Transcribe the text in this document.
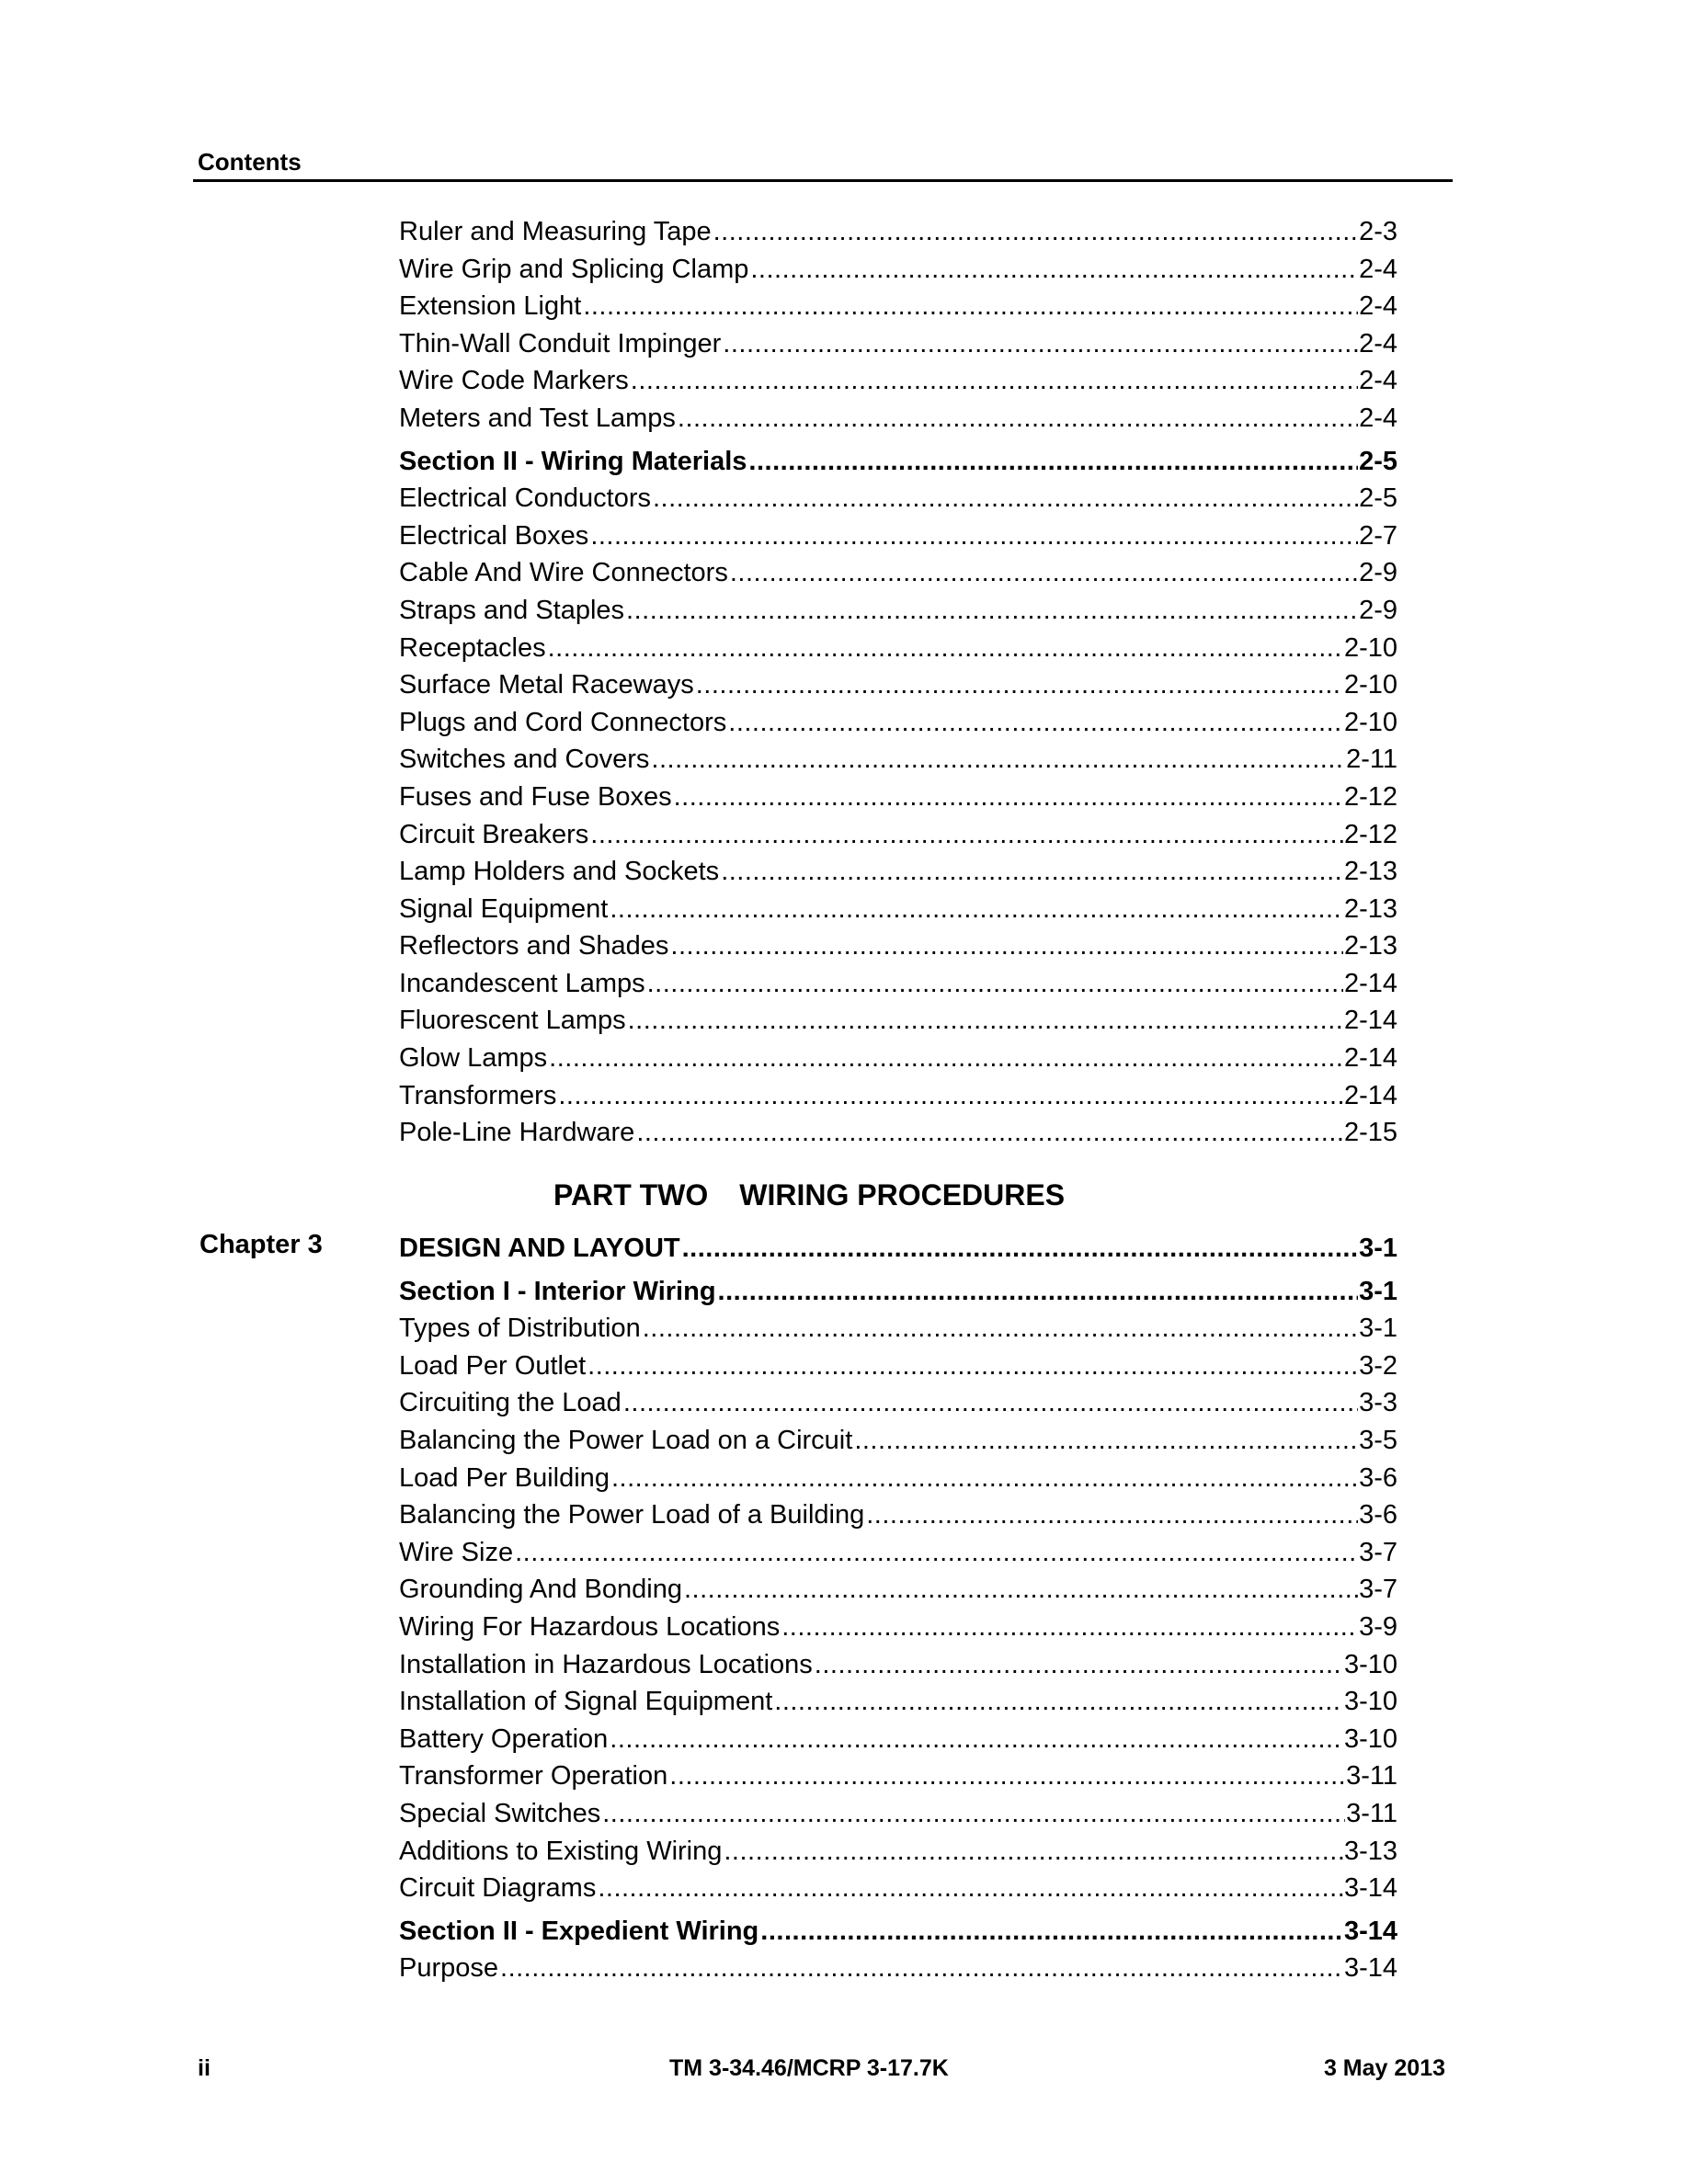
Contents
Ruler and Measuring Tape .....	2-3
Wire Grip and Splicing Clamp .....	2-4
Extension Light .....	2-4
Thin-Wall Conduit Impinger .....	2-4
Wire Code Markers .....	2-4
Meters and Test Lamps .....	2-4
Section II - Wiring Materials .....	2-5
Electrical Conductors .....	2-5
Electrical Boxes .....	2-7
Cable And Wire Connectors .....	2-9
Straps and Staples .....	2-9
Receptacles .....	2-10
Surface Metal Raceways .....	2-10
Plugs and Cord Connectors .....	2-10
Switches and Covers .....	2-11
Fuses and Fuse Boxes .....	2-12
Circuit Breakers .....	2-12
Lamp Holders and Sockets .....	2-13
Signal Equipment .....	2-13
Reflectors and Shades .....	2-13
Incandescent Lamps .....	2-14
Fluorescent Lamps .....	2-14
Glow Lamps .....	2-14
Transformers .....	2-14
Pole-Line Hardware .....	2-15
PART TWO WIRING PROCEDURES
Chapter 3	DESIGN AND LAYOUT .....	3-1
Section I - Interior Wiring .....	3-1
Types of Distribution .....	3-1
Load Per Outlet .....	3-2
Circuiting the Load .....	3-3
Balancing the Power Load on a Circuit .....	3-5
Load Per Building .....	3-6
Balancing the Power Load of a Building .....	3-6
Wire Size .....	3-7
Grounding And Bonding .....	3-7
Wiring For Hazardous Locations .....	3-9
Installation in Hazardous Locations .....	3-10
Installation of Signal Equipment .....	3-10
Battery Operation .....	3-10
Transformer Operation .....	3-11
Special Switches .....	3-11
Additions to Existing Wiring .....	3-13
Circuit Diagrams .....	3-14
Section II - Expedient Wiring .....	3-14
Purpose .....	3-14
ii	TM 3-34.46/MCRP 3-17.7K	3 May 2013
